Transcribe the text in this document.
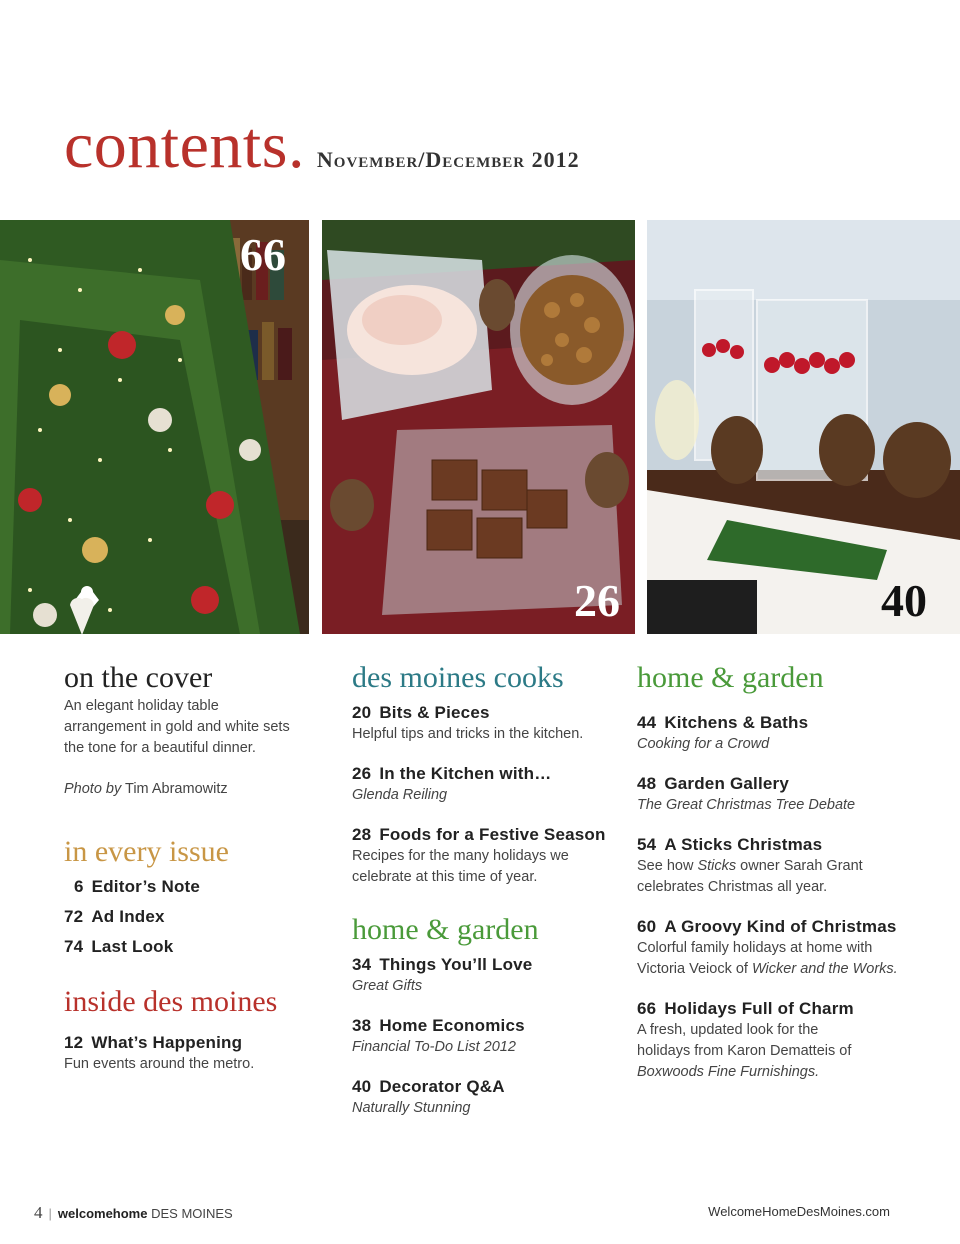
contents. November/December 2012
66
26	40
on the cover
An elegant holiday table
arrangement in gold and white sets
the tone for a beautiful dinner.
Photo by Tim Abramowitz
in every issue
6 Editor’s Note
72 Ad Index
74 Last Look
inside des moines
12 What’s Happening
Fun events around the metro.
des moines cooks
20 Bits & Pieces
Helpful tips and tricks in the kitchen.
26 In the Kitchen with…
Glenda Reiling
28 Foods for a Festive Season
Recipes for the many holidays we
celebrate at this time of year.
home & garden
34 Things You’ll Love
Great Gifts
38 Home Economics
Financial To-Do List 2012
40 Decorator Q&A
Naturally Stunning
home & garden
44 Kitchens & Baths
Cooking for a Crowd
48 Garden Gallery
The Great Christmas Tree Debate
54 A Sticks Christmas
See how Sticks owner Sarah Grant
celebrates Christmas all year.
60 A Groovy Kind of Christmas
Colorful family holidays at home with
Victoria Veiock of Wicker and the Works.
66 Holidays Full of Charm
A fresh, updated look for the
holidays from Karon Dematteis of
Boxwoods Fine Furnishings.
4 | welcomehome DES MOINES	WelcomeHomeDesMoines.com
